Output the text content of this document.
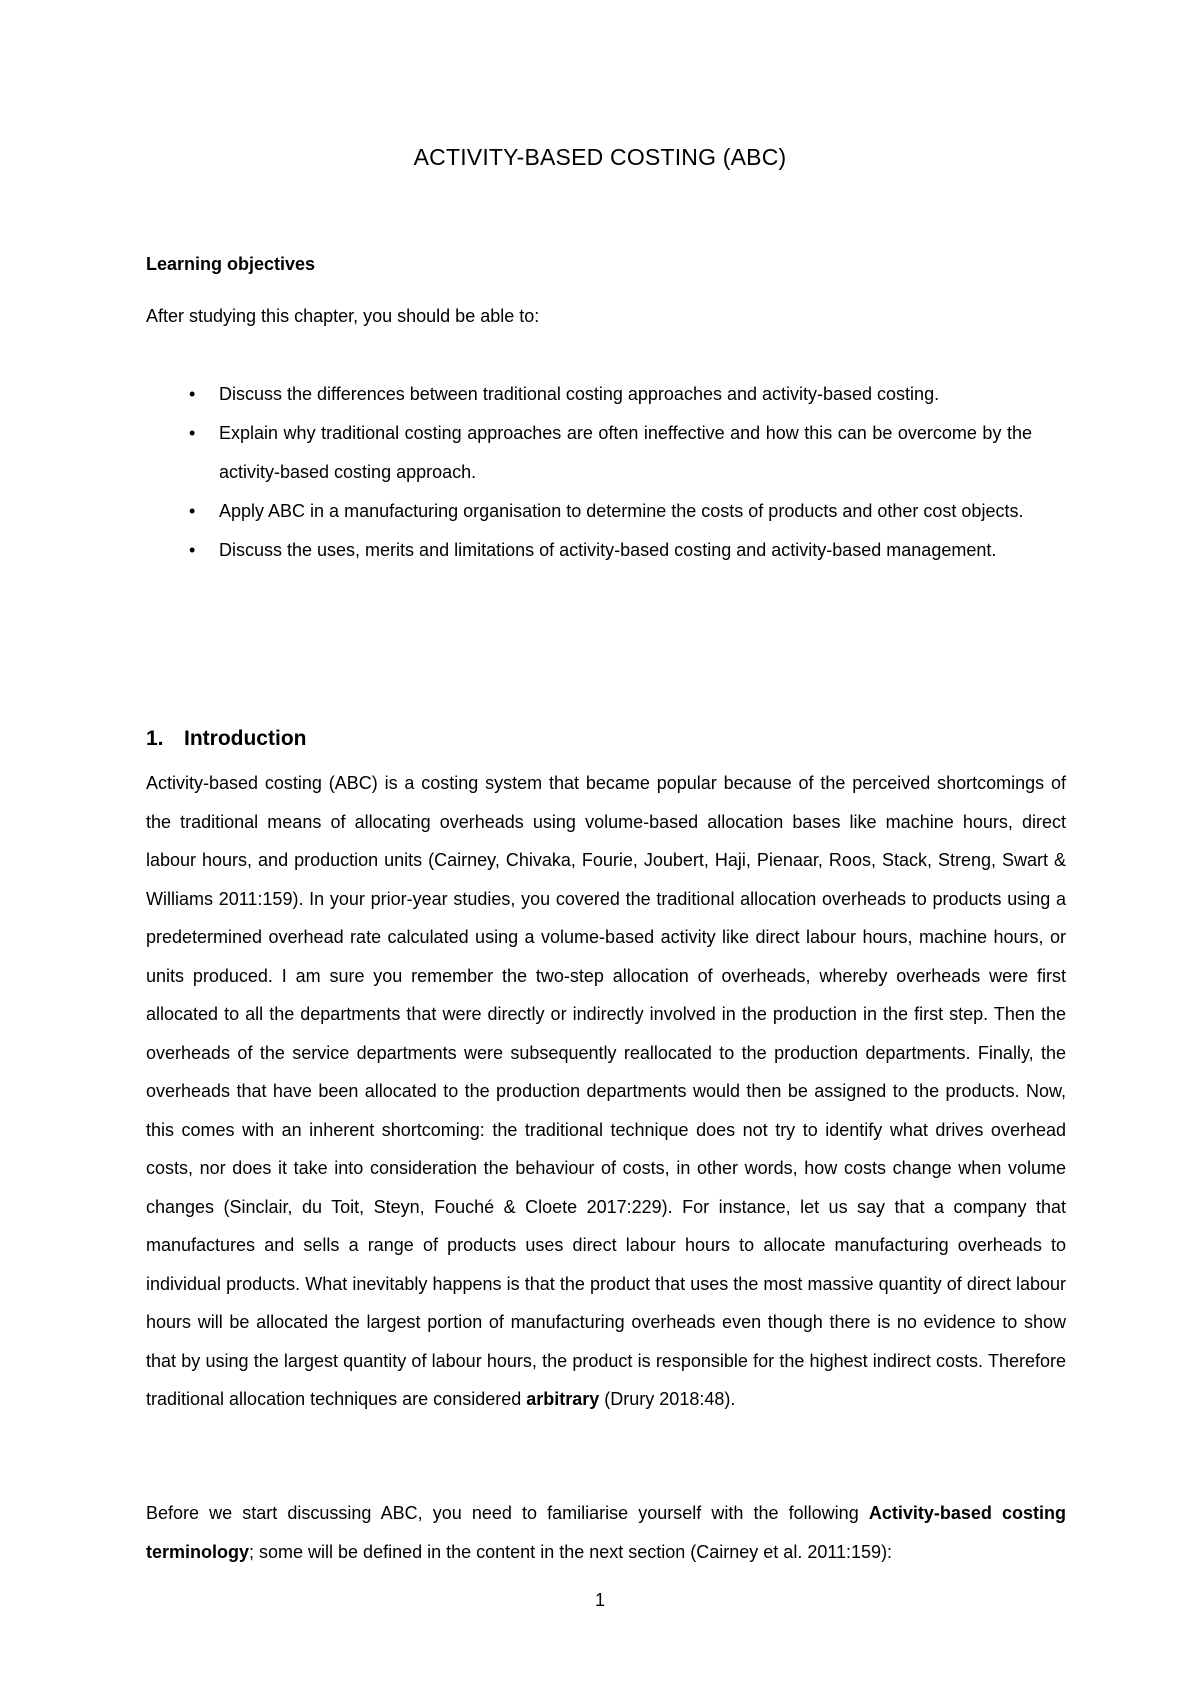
ACTIVITY-BASED COSTING (ABC)
Learning objectives
After studying this chapter, you should be able to:
• Discuss the differences between traditional costing approaches and activity-based costing.
• Explain why traditional costing approaches are often ineffective and how this can be overcome by the activity-based costing approach.
• Apply ABC in a manufacturing organisation to determine the costs of products and other cost objects.
• Discuss the uses, merits and limitations of activity-based costing and activity-based management.
1. Introduction

Activity-based costing (ABC) is a costing system that became popular because of the perceived shortcomings of the traditional means of allocating overheads using volume-based allocation bases like machine hours, direct labour hours, and production units (Cairney, Chivaka, Fourie, Joubert, Haji, Pienaar, Roos, Stack, Streng, Swart & Williams 2011:159). In your prior-year studies, you covered the traditional allocation overheads to products using a predetermined overhead rate calculated using a volume-based activity like direct labour hours, machine hours, or units produced. I am sure you remember the two-step allocation of overheads, whereby overheads were first allocated to all the departments that were directly or indirectly involved in the production in the first step. Then the overheads of the service departments were subsequently reallocated to the production departments. Finally, the overheads that have been allocated to the production departments would then be assigned to the products. Now, this comes with an inherent shortcoming: the traditional technique does not try to identify what drives overhead costs, nor does it take into consideration the behaviour of costs, in other words, how costs change when volume changes (Sinclair, du Toit, Steyn, Fouché & Cloete 2017:229). For instance, let us say that a company that manufactures and sells a range of products uses direct labour hours to allocate manufacturing overheads to individual products. What inevitably happens is that the product that uses the most massive quantity of direct labour hours will be allocated the largest portion of manufacturing overheads even though there is no evidence to show that by using the largest quantity of labour hours, the product is responsible for the highest indirect costs. Therefore traditional allocation techniques are considered arbitrary (Drury 2018:48).

Before we start discussing ABC, you need to familiarise yourself with the following Activity-based costing terminology; some will be defined in the content in the next section (Cairney et al. 2011:159):

1
